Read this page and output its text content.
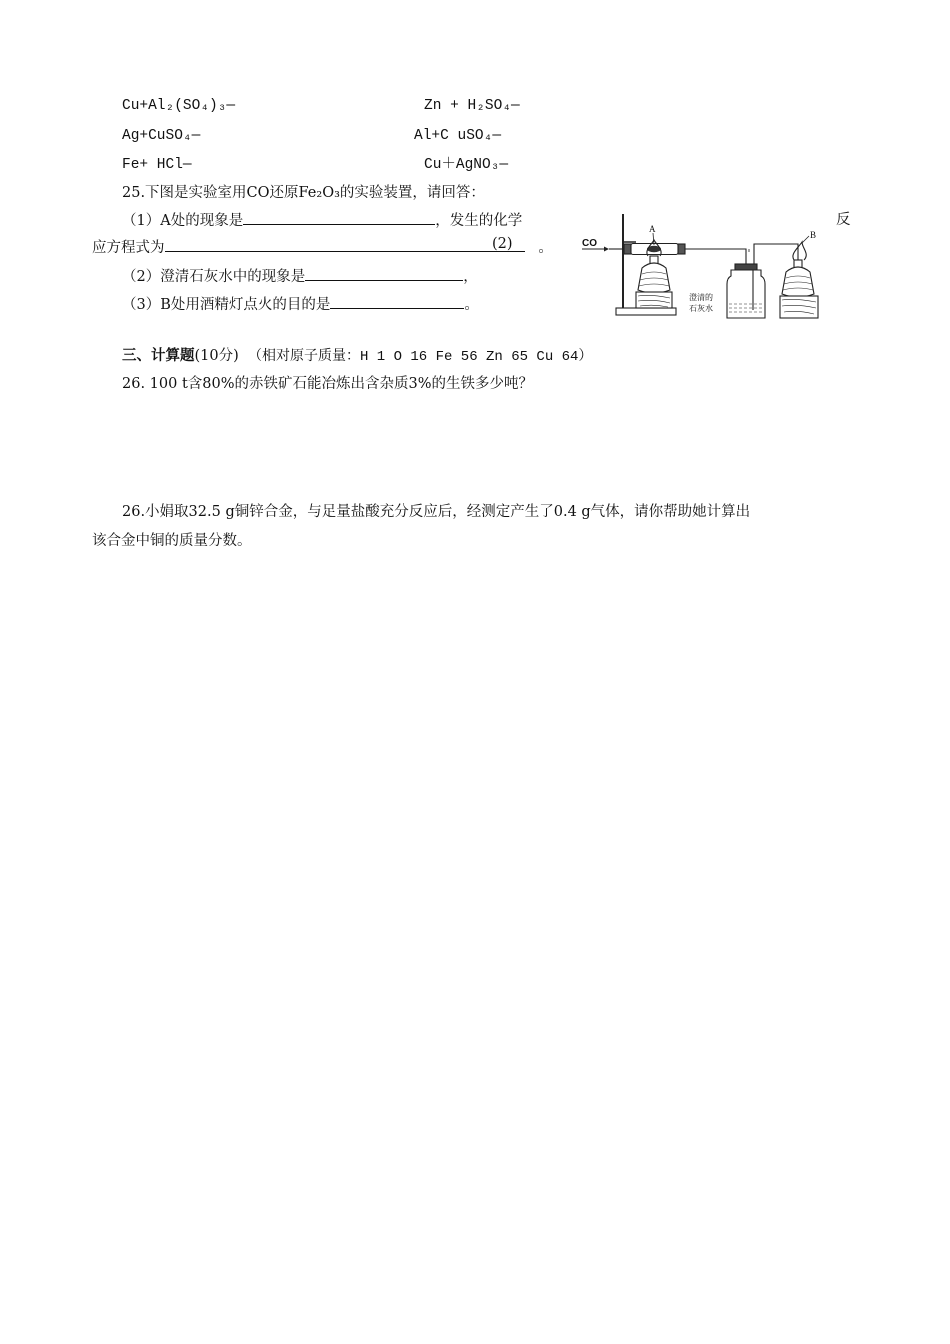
Cu+Al₂(SO₄)₃—	Zn + H₂SO₄—
Ag+CuSO₄—	Al+C uSO₄—
Fe+ HCl—	Cu＋AgNO₃—
25.下图是实验室用CO还原Fe₂O₃的实验装置，请回答：
（1）A处的现象是	，发生的化学	反
应方程式为	(2) 。
（2）澄清石灰水中的现象是	，
（3）B处用酒精灯点火的目的是	。
CO
A
澄清的
石灰水
B
三、计算题(10分) （相对原子质量：H 1 O 16 Fe 56 Zn 65 Cu 64）
26. 100 t含80%的赤铁矿石能冶炼出含杂质3%的生铁多少吨？
26.小娟取32.5 g铜锌合金，与足量盐酸充分反应后，经测定产生了0.4 g气体，请你帮助她计算出
该合金中铜的质量分数。
